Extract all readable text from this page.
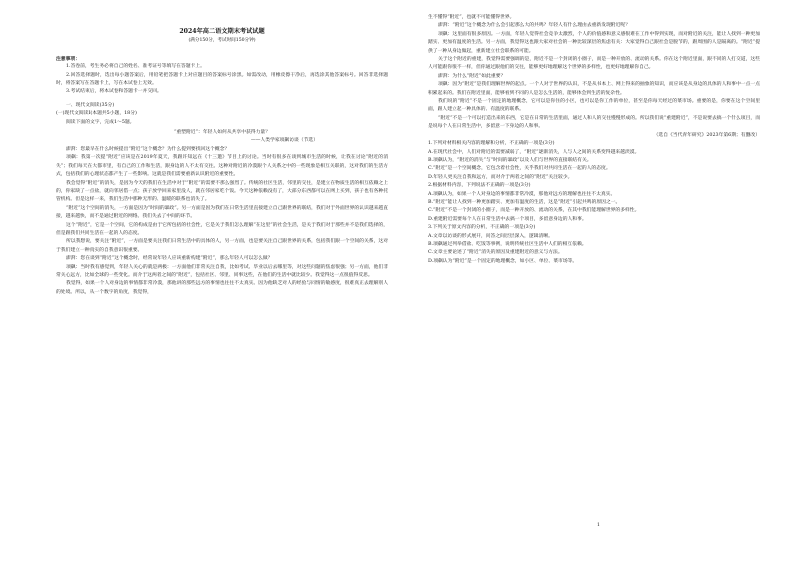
2024年高二语文期末考试试题
(满分150分，考试时间150分钟)

注意事项：

1.答卷前，考生务必将自己的姓名、准考证号等填写在答题卡上。

2.回答选择题时，选出每小题答案后，用铅笔把答题卡上对应题目的答案标号涂黑。如需改动，用橡皮擦干净后，再选涂其他答案标号。回答非选择题时，将答案写在答题卡上，写在本试卷上无效。

3.考试结束后，将本试卷和答题卡一并交回。

一、现代文阅读(35分)

(一)现代文阅读Ⅰ(本题共5小题，18分)

阅读下面的文字，完成1～5题。

“重塑附近”：年轻人如何从共享中获得力量？

——人类学家项飙访谈（节选）

澎湃：您最早在什么时候提出“附近”这个概念？为什么提到要找回这个概念？

项飙：我第一次提“附近”应该是在2019年夏天，我跟许知远在《十三邀》节目上的讨论。当时有很多在谈到城市生活的时候，让我在讨论“附近的消失”；我们每天在大都市里，有自己的工作和生活，跟身边的人不太有交往。这种对附近的冷漠跟个人关系之中的一些现象是相互关联的，这对我们的生活方式，包括我们的心理状态都产生了一些影响。这就是我们需要重新认识附近的重要性。

我会觉得“附近”的消失，是因为今天的我们在生活中对于“附近”的需要不那么强烈了。传统的社区生活，邻里的交往，是建立在物质生活的相互依赖之上的，你家缺了一点盐，就向邻居借一点；孩子放学回来家里没人，就在邻居家吃个饭。今天这种依赖没有了，大部分东西都可以在网上买到，孩子也有各种托管机构。但是这样一来，我们生活中那种无形的、温暖的联系也消失了。

“附近”这个空间的消失，一方面是因为“时间的暴政”。另一方面是因为我们在日常生活里直接建立自己跟世界的联结，我们对于外面世界的认识越来越直接，越来越快，而不是通过附近的网络。我们失去了中间的环节。

这个“附近”，它是一个空间，它的构成是由于它所包括的社会性，它是关于我们怎么理解“在这里”的社会生活，是关于我们对于那些并不是我们选择的，但是跟我们共同生活在一起的人的态度。

所以我想说，要关注“附近”，一方面是要关注我们日常生活中的具体的人，另一方面，也是要关注自己跟世界的关系，包括我们跟一个空间的关系，这对于我们建立一种真实的自我意识很重要。

澎湃：您在谈到“附近”这个概念时，经常说年轻人应该重新构建“附近”，那么年轻人可以怎么做？

项飙：当时我有感觉到，年轻人关心的就是两极：一方面他们非常关注自我，比如考试、毕业以后去哪里等，对这些问题的焦虑很强；另一方面，他们非常关心远方，比如全球的一些变化。而介于这两者之间的“附近”，包括社区、邻里、同事这些，在他们的生活中就比较少。我觉得这一点很值得反思。

我觉得，如果一个人对身边的事情都非常冷漠，那他讲的那些远方的事情也往往不太真实。因为他缺乏对人的经验与同情的敏感度，很难真正去理解别人的处境。所以，从一个数字的角度，我觉得，

生不懂得“附近”，也就不可能懂得世界。

澎湃：“附近”这个概念为什么会引起那么大的共鸣？年轻人有什么理由去重新发现附近呢？

项飙：这里面有很多原因。一方面，年轻人觉得社会竞争太激烈，个人的价值感和意义感很难在工作中得到实现，而对附近的关注，能让人找到一种更加踏实、更加有温度的生活。另一方面，我觉得这也跟大家对社会的一种比较深层的焦虑有关：大家觉得自己跟社会是脱节的，跟周围的人是隔离的。“附近”提供了一种从身边做起，重新建立社会联系的可能。

关于这个附近的重建，我觉得需要强调的是，附近不是一个封闭的小圈子，而是一种开放的、流动的关系。你在这个附近里面，跟不同的人打交道，这些人可能跟你很不一样，但你通过跟他们的交往，能够更好地理解这个世界的多样性，也更好地理解你自己。

澎湃：为什么“附近”如此重要？

项飙：因为“附近”是我们理解世界的起点。一个人对于世界的认识，不是从书本上、网上得来的抽象的知识，而应该是从身边的具体的人和事中一点一点积累起来的。我们在附近里面，能够看到不同的人是怎么生活的，能够体会到生活的复杂性。

我们说的“附近”不是一个固定的地理概念，它可以是你住的小区，也可以是你工作的单位，甚至是你每天经过的菜市场。重要的是，你要在这个空间里面，跟人建立起一种具体的、有温度的联系。

“附近”不是一个可以打造出来的东西，它是在日常的生活里面，通过人和人的交往慢慢形成的。所以我们说“重建附近”，不是说要去搞一个什么项目，而是说每个人在日常生活中，多留意一下身边的人和事。

（选自《当代青年研究》2023年第6期；有删改）

1.下列对材料相关内容的理解和分析，不正确的一项是(3分)

A.在现代社会中，人们对附近的需要减弱了，“附近”逐渐消失，人与人之间的关系变得越来越淡漠。

B.项飙认为，“附近的消失”与“时间的暴政”以及人们与世界的直接联结有关。

C.“附近”是一个空间概念，它包含着社会性，关乎我们对共同生活在一起的人的态度。

D.年轻人更关注自我和远方，而对介于两者之间的“附近”关注较少。

2.根据材料内容，下列说法不正确的一项是(3分)

A.项飙认为，如果一个人对身边的事情都非常冷漠，那他对远方的理解也往往不太真实。

B.“附近”能让人找到一种更加踏实、更加有温度的生活，这是“附近”引起共鸣的原因之一。

C.“附近”不是一个封闭的小圈子，而是一种开放的、流动的关系，在其中我们能理解世界的多样性。

D.重建附近需要每个人在日常生活中去搞一个项目，多留意身边的人和事。

3.下列关于原文内容的分析，不正确的一项是(3分)

A.文章以访谈的形式展开，问答之间层层深入，逻辑清晰。

B.项飙通过列举借盐、吃饭等事例，说明传统社区生活中人们的相互依赖。

C.文章主要论述了“附近”消失的原因及重建附近的意义与方法。

D.项飙认为“附近”是一个固定的地理概念，如小区、单位、菜市场等。

1
